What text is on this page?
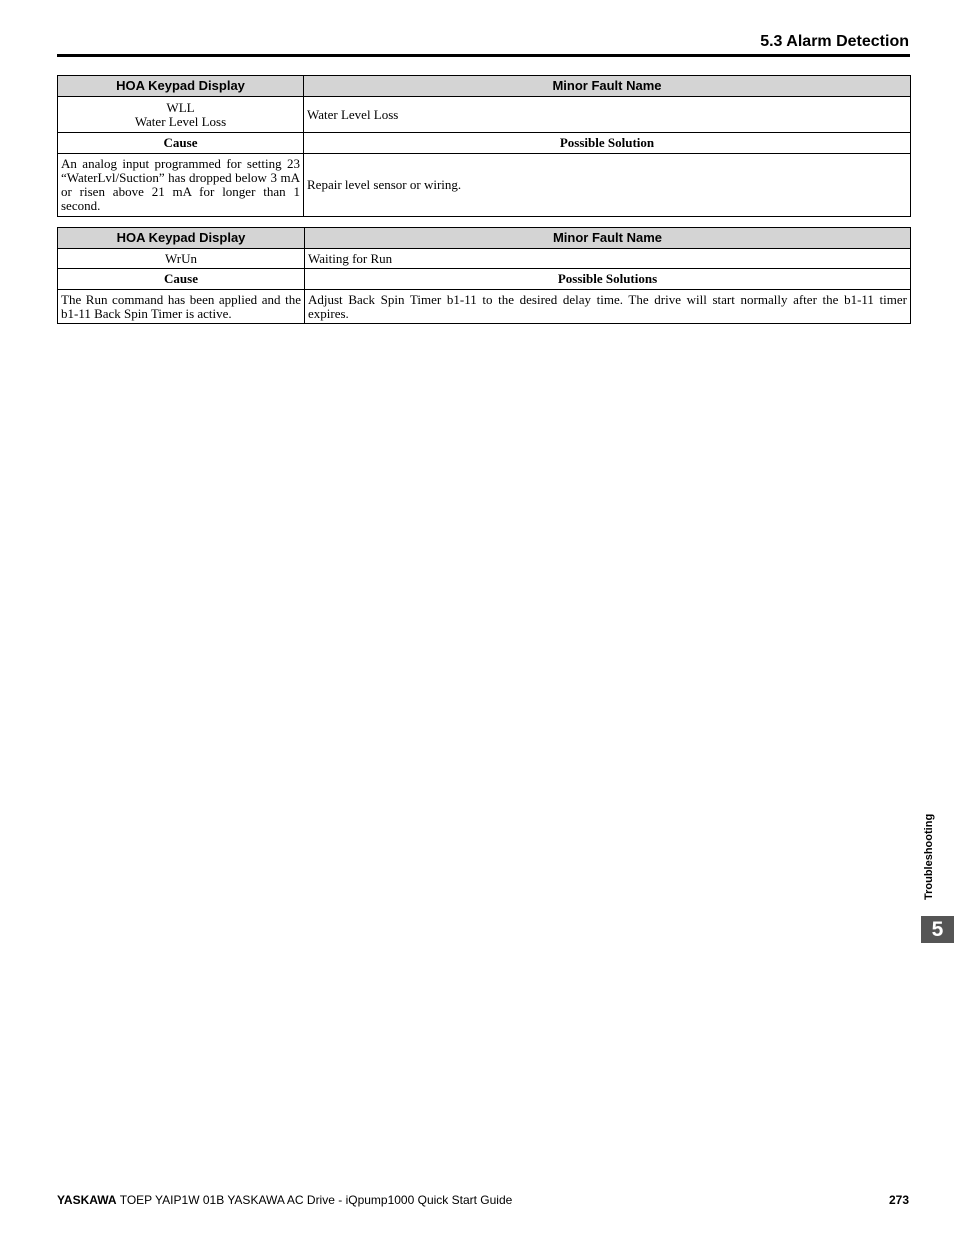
5.3 Alarm Detection
HOA Keypad Display	Minor Fault Name

WLL
Water Level Loss	Water Level Loss
Cause	Possible Solution
An analog input programmed for setting 23 “WaterLvl/Suction” has dropped below 3 mA or risen above 21 mA for longer than 1 second.	Repair level sensor or wiring.
HOA Keypad Display	Minor Fault Name
WrUn	Waiting for Run
Cause	Possible Solutions
The Run command has been applied and the b1-11 Back Spin Timer is active.	Adjust Back Spin Timer b1-11 to the desired delay time. The drive will start normally after the b1-11 timer expires.
Troubleshooting
5
YASKAWA TOEP YAIP1W 01B YASKAWA AC Drive - iQpump1000 Quick Start Guide	273
